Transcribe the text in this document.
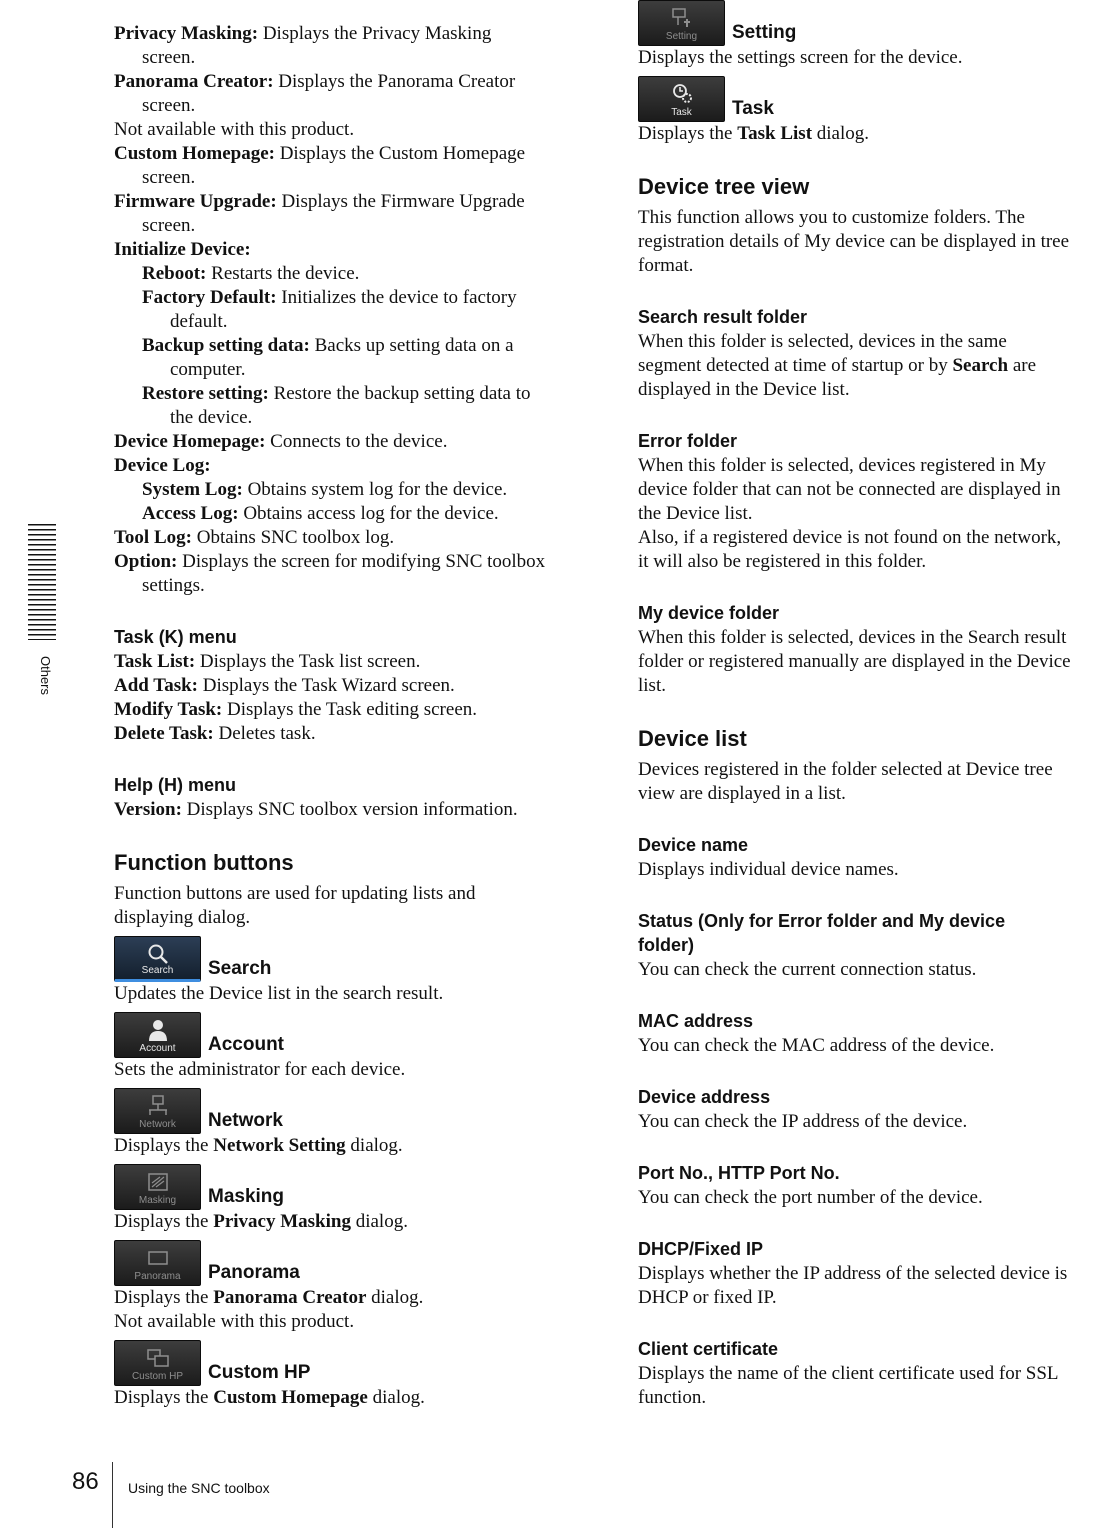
Others
Privacy Masking: Displays the Privacy Masking
screen.
Panorama Creator: Displays the Panorama Creator
screen.
Not available with this product.
Custom Homepage: Displays the Custom Homepage
screen.
Firmware Upgrade: Displays the Firmware Upgrade
screen.
Initialize Device:
Reboot: Restarts the device.
Factory Default: Initializes the device to factory
default.
Backup setting data: Backs up setting data on a
computer.
Restore setting: Restore the backup setting data to
the device.
Device Homepage: Connects to the device.
Device Log:
System Log: Obtains system log for the device.
Access Log: Obtains access log for the device.
Tool Log: Obtains SNC toolbox log.
Option: Displays the screen for modifying SNC toolbox
settings.
Task (K) menu
Task List: Displays the Task list screen.
Add Task: Displays the Task Wizard screen.
Modify Task: Displays the Task editing screen.
Delete Task: Deletes task.
Help (H) menu
Version: Displays SNC toolbox version information.
Function buttons
Function buttons are used for updating lists and
displaying dialog.
Search	Search
Updates the Device list in the search result.
Account	Account
Sets the administrator for each device.
Network	Network
Displays the Network Setting dialog.
Masking	Masking
Displays the Privacy Masking dialog.
Panorama	Panorama
Displays the Panorama Creator dialog.
Not available with this product.
Custom HP	Custom HP
Displays the Custom Homepage dialog.
Setting	Setting
Displays the settings screen for the device.
Task	Task
Displays the Task List dialog.
Device tree view
This function allows you to customize folders. The
registration details of My device can be displayed in tree
format.
Search result folder
When this folder is selected, devices in the same
segment detected at time of startup or by Search are
displayed in the Device list.
Error folder
When this folder is selected, devices registered in My
device folder that can not be connected are displayed in
the Device list.
Also, if a registered device is not found on the network,
it will also be registered in this folder.
My device folder
When this folder is selected, devices in the Search result
folder or registered manually are displayed in the Device
list.
Device list
Devices registered in the folder selected at Device tree
view are displayed in a list.
Device name
Displays individual device names.
Status (Only for Error folder and My device
folder)
You can check the current connection status.
MAC address
You can check the MAC address of the device.
Device address
You can check the IP address of the device.
Port No., HTTP Port No.
You can check the port number of the device.
DHCP/Fixed IP
Displays whether the IP address of the selected device is
DHCP or fixed IP.
Client certificate
Displays the name of the client certificate used for SSL
function.
86 Using the SNC toolbox
